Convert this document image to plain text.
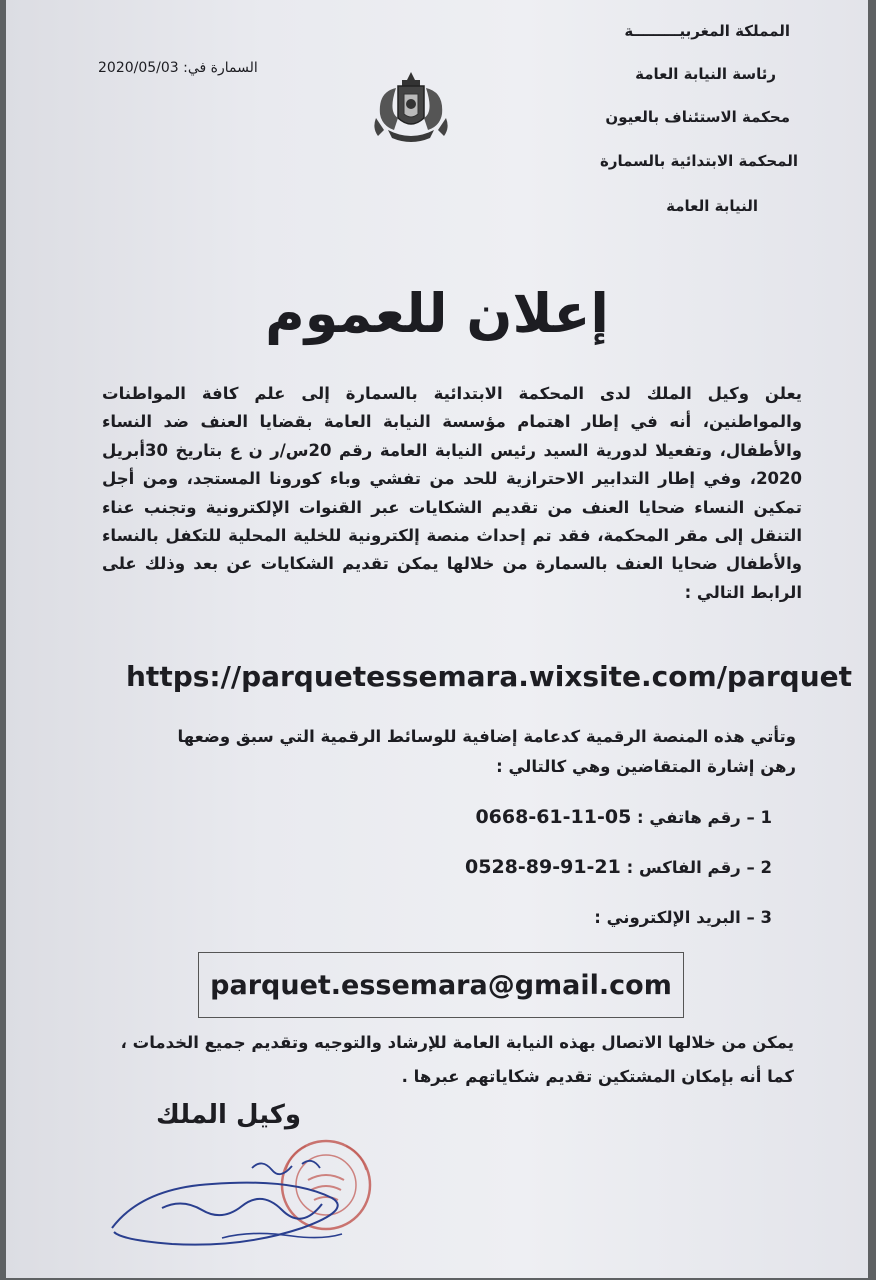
المملكة المغربيـــــــــة
رئاسة النيابة العامة
محكمة الاستئناف بالعيون
المحكمة الابتدائية بالسمارة
النيابة العامة
السمارة في: 2020/05/03
إعلان للعموم
يعلن وكيل الملك لدى المحكمة الابتدائية بالسمارة إلى علم كافة المواطنات والمواطنين، أنه في إطار اهتمام مؤسسة النيابة العامة بقضايا العنف ضد النساء والأطفال، وتفعيلا لدورية السيد رئيس النيابة العامة رقم 20س/ر ن ع بتاريخ 30أبريل 2020، وفي إطار التدابير الاحترازية للحد من تفشي وباء كورونا المستجد، ومن أجل تمكين النساء ضحايا العنف من تقديم الشكايات عبر القنوات الإلكترونية وتجنب عناء التنقل إلى مقر المحكمة، فقد تم إحداث منصة إلكترونية للخلية المحلية للتكفل بالنساء والأطفال ضحايا العنف بالسمارة من خلالها يمكن تقديم الشكايات عن بعد وذلك على الرابط التالي :
https://parquetessemara.wixsite.com/parquet
وتأتي هذه المنصة الرقمية كدعامة إضافية للوسائط الرقمية التي سبق وضعها رهن إشارة المتقاضين وهي كالتالي :
1 – رقم هاتفي : 0668-61-11-05
2 – رقم الفاكس : 0528-89-91-21
3 – البريد الإلكتروني :
parquet.essemara@gmail.com
يمكن من خلالها الاتصال بهذه النيابة العامة للإرشاد والتوجيه وتقديم جميع الخدمات ، كما أنه بإمكان المشتكين تقديم شكاياتهم عبرها .
وكيل الملك
